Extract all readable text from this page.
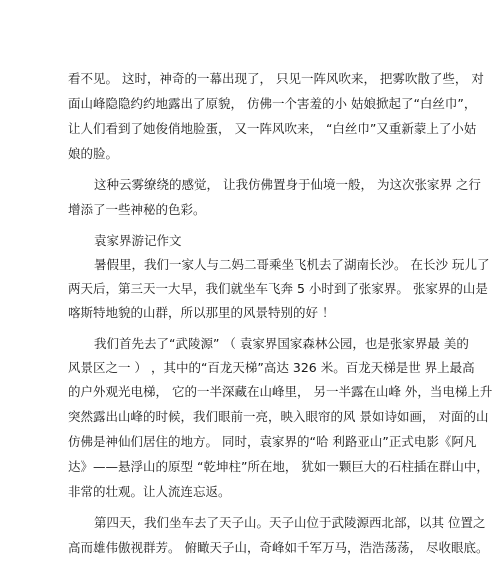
看不见。 这时，神奇的一幕出现了， 只见一阵风吹来， 把雾吹散了些， 对
面山峰隐隐约约地露出了原貌， 仿佛一个害羞的小 姑娘掀起了“白丝巾”，
让人们看到了她俊俏地脸蛋， 又一阵风吹来， “白丝巾”又重新蒙上了小姑
娘的脸。
这种云雾缭绕的感觉， 让我仿佛置身于仙境一般， 为这次张家界 之行
增添了一些神秘的色彩。
袁家界游记作文
暑假里，我们一家人与二妈二哥乘坐飞机去了湖南长沙。 在长沙 玩儿了
两天后，第三天一大早，我们就坐车飞奔 5 小时到了张家界。 张家界的山是
喀斯特地貌的山群，所以那里的风景特别的好 ！
我们首先去了“武陵源” （ 袁家界国家森林公园，也是张家界最 美的
风景区之一 ） ，其中的“百龙天梯”高达 326 米。百龙天梯是世 界上最高
的户外观光电梯， 它的一半深藏在山峰里， 另一半露在山峰 外，当电梯上升
突然露出山峰的时候，我们眼前一亮，映入眼帘的风 景如诗如画， 对面的山
仿佛是神仙们居住的地方。 同时，袁家界的“哈 利路亚山”正式电影《阿凡
达》——悬浮山的原型 “乾坤柱”所在地， 犹如一颗巨大的石柱插在群山中，
非常的壮观。让人流连忘返。
第四天，我们坐车去了天子山。天子山位于武陵源西北部，以其 位置之
高而雄伟傲视群芳。 俯瞰天子山，奇峰如千军万马，浩浩荡荡， 尽收眼底。
